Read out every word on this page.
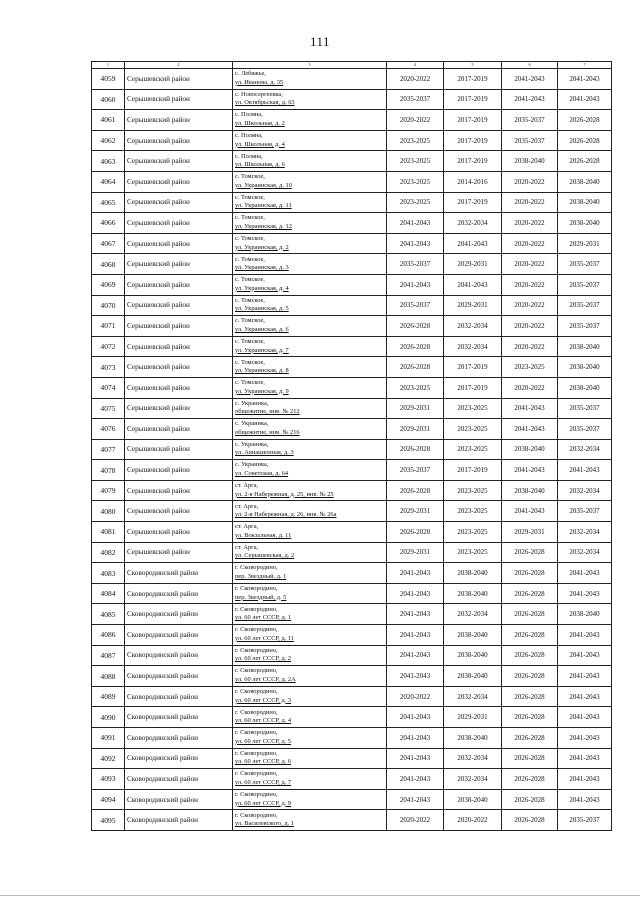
111
1	2	3	4	5	6	7
4059	Серышевский район	с. Лебяжье,
ул. Иванова, д. 35	2020-2022	2017-2019	2041-2043	2041-2043
4060	Серышевский район	с. Новосергеевка,
ул. Октябрьская, д. 63	2035-2037	2017-2019	2041-2043	2041-2043
4061	Серышевский район	с. Поляна,
ул. Школьная, д. 2	2020-2022	2017-2019	2035-2037	2026-2028
4062	Серышевский район	с. Поляна,
ул. Школьная, д. 4	2023-2025	2017-2019	2035-2037	2026-2028
4063	Серышевский район	с. Поляна,
ул. Школьная, д. 6	2023-2025	2017-2019	2038-2040	2026-2028
4064	Серышевский район	с. Томское,
ул. Украинская, д. 10	2023-2025	2014-2016	2020-2022	2038-2040
4065	Серышевский район	с. Томское,
ул. Украинская, д. 11	2023-2025	2017-2019	2020-2022	2038-2040
4066	Серышевский район	с. Томское,
ул. Украинская, д. 12	2041-2043	2032-2034	2020-2022	2038-2040
4067	Серышевский район	с. Томское,
ул. Украинская, д. 2	2041-2043	2041-2043	2020-2022	2029-2031
4068	Серышевский район	с. Томское,
ул. Украинская, д. 3	2035-2037	2029-2031	2020-2022	2035-2037
4069	Серышевский район	с. Томское,
ул. Украинская, д. 4	2041-2043	2041-2043	2020-2022	2035-2037
4070	Серышевский район	с. Томское,
ул. Украинская, д. 5	2035-2037	2029-2031	2020-2022	2035-2037
4071	Серышевский район	с. Томское,
ул. Украинская, д. 6	2026-2028	2032-2034	2020-2022	2035-2037
4072	Серышевский район	с. Томское,
ул. Украинская, д. 7	2026-2028	2032-2034	2020-2022	2038-2040
4073	Серышевский район	с. Томское,
ул. Украинская, д. 8	2026-2028	2017-2019	2023-2025	2038-2040
4074	Серышевский район	с. Томское,
ул. Украинская, д. 9	2023-2025	2017-2019	2020-2022	2038-2040
4075	Серышевский район	с. Украинка,
общежитие, инв. № 212	2029-2031	2023-2025	2041-2043	2035-2037
4076	Серышевский район	с. Украинка,
общежитие, инв. № 216	2029-2031	2023-2025	2041-2043	2035-2037
4077	Серышевский район	с. Украинка,
ул. Авиационная, д. 3	2026-2028	2023-2025	2038-2040	2032-2034
4078	Серышевский район	с. Украинка,
ул. Советская, д. 64	2035-2037	2017-2019	2041-2043	2041-2043
4079	Серышевский район	ст. Арга,
ул. 2-я Набережная, д. 25, инв. № 25	2026-2028	2023-2025	2038-2040	2032-2034
4080	Серышевский район	ст. Арга,
ул. 2-я Набережная, д. 26, инв. № 26а	2029-2031	2023-2025	2041-2043	2035-2037
4081	Серышевский район	ст. Арга,
ул. Вокзальная, д. 11	2026-2028	2023-2025	2029-2031	2032-2034
4082	Серышевский район	ст. Арга,
ул. Серышевская, д. 2	2029-2031	2023-2025	2026-2028	2032-2034
4083	Сковородинский район	г. Сковородино,
пер. Звездный, д. 1	2041-2043	2038-2040	2026-2028	2041-2043
4084	Сковородинский район	г. Сковородино,
пер. Звездный, д. 5	2041-2043	2038-2040	2026-2028	2041-2043
4085	Сковородинский район	г. Сковородино,
ул. 60 лет СССР, д. 1	2041-2043	2032-2034	2026-2028	2038-2040
4086	Сковородинский район	г. Сковородино,
ул. 60 лет СССР, д. 11	2041-2043	2038-2040	2026-2028	2041-2043
4087	Сковородинский район	г. Сковородино,
ул. 60 лет СССР, д. 2	2041-2043	2038-2040	2026-2028	2041-2043
4088	Сковородинский район	г. Сковородино,
ул. 60 лет СССР, д. 2А	2041-2043	2038-2040	2026-2028	2041-2043
4089	Сковородинский район	г. Сковородино,
ул. 60 лет СССР, д. 3	2020-2022	2032-2034	2026-2028	2041-2043
4090	Сковородинский район	г. Сковородино,
ул. 60 лет СССР, д. 4	2041-2043	2029-2031	2026-2028	2041-2043
4091	Сковородинский район	г. Сковородино,
ул. 60 лет СССР, д. 5	2041-2043	2038-2040	2026-2028	2041-2043
4092	Сковородинский район	г. Сковородино,
ул. 60 лет СССР, д. 6	2041-2043	2032-2034	2026-2028	2041-2043
4093	Сковородинский район	г. Сковородино,
ул. 60 лет СССР, д. 7	2041-2043	2032-2034	2026-2028	2041-2043
4094	Сковородинский район	г. Сковородино,
ул. 60 лет СССР, д. 9	2041-2043	2038-2040	2026-2028	2041-2043
4095	Сковородинский район	г. Сковородино,
ул. Василевского, д. 1	2020-2022	2020-2022	2026-2028	2035-2037
